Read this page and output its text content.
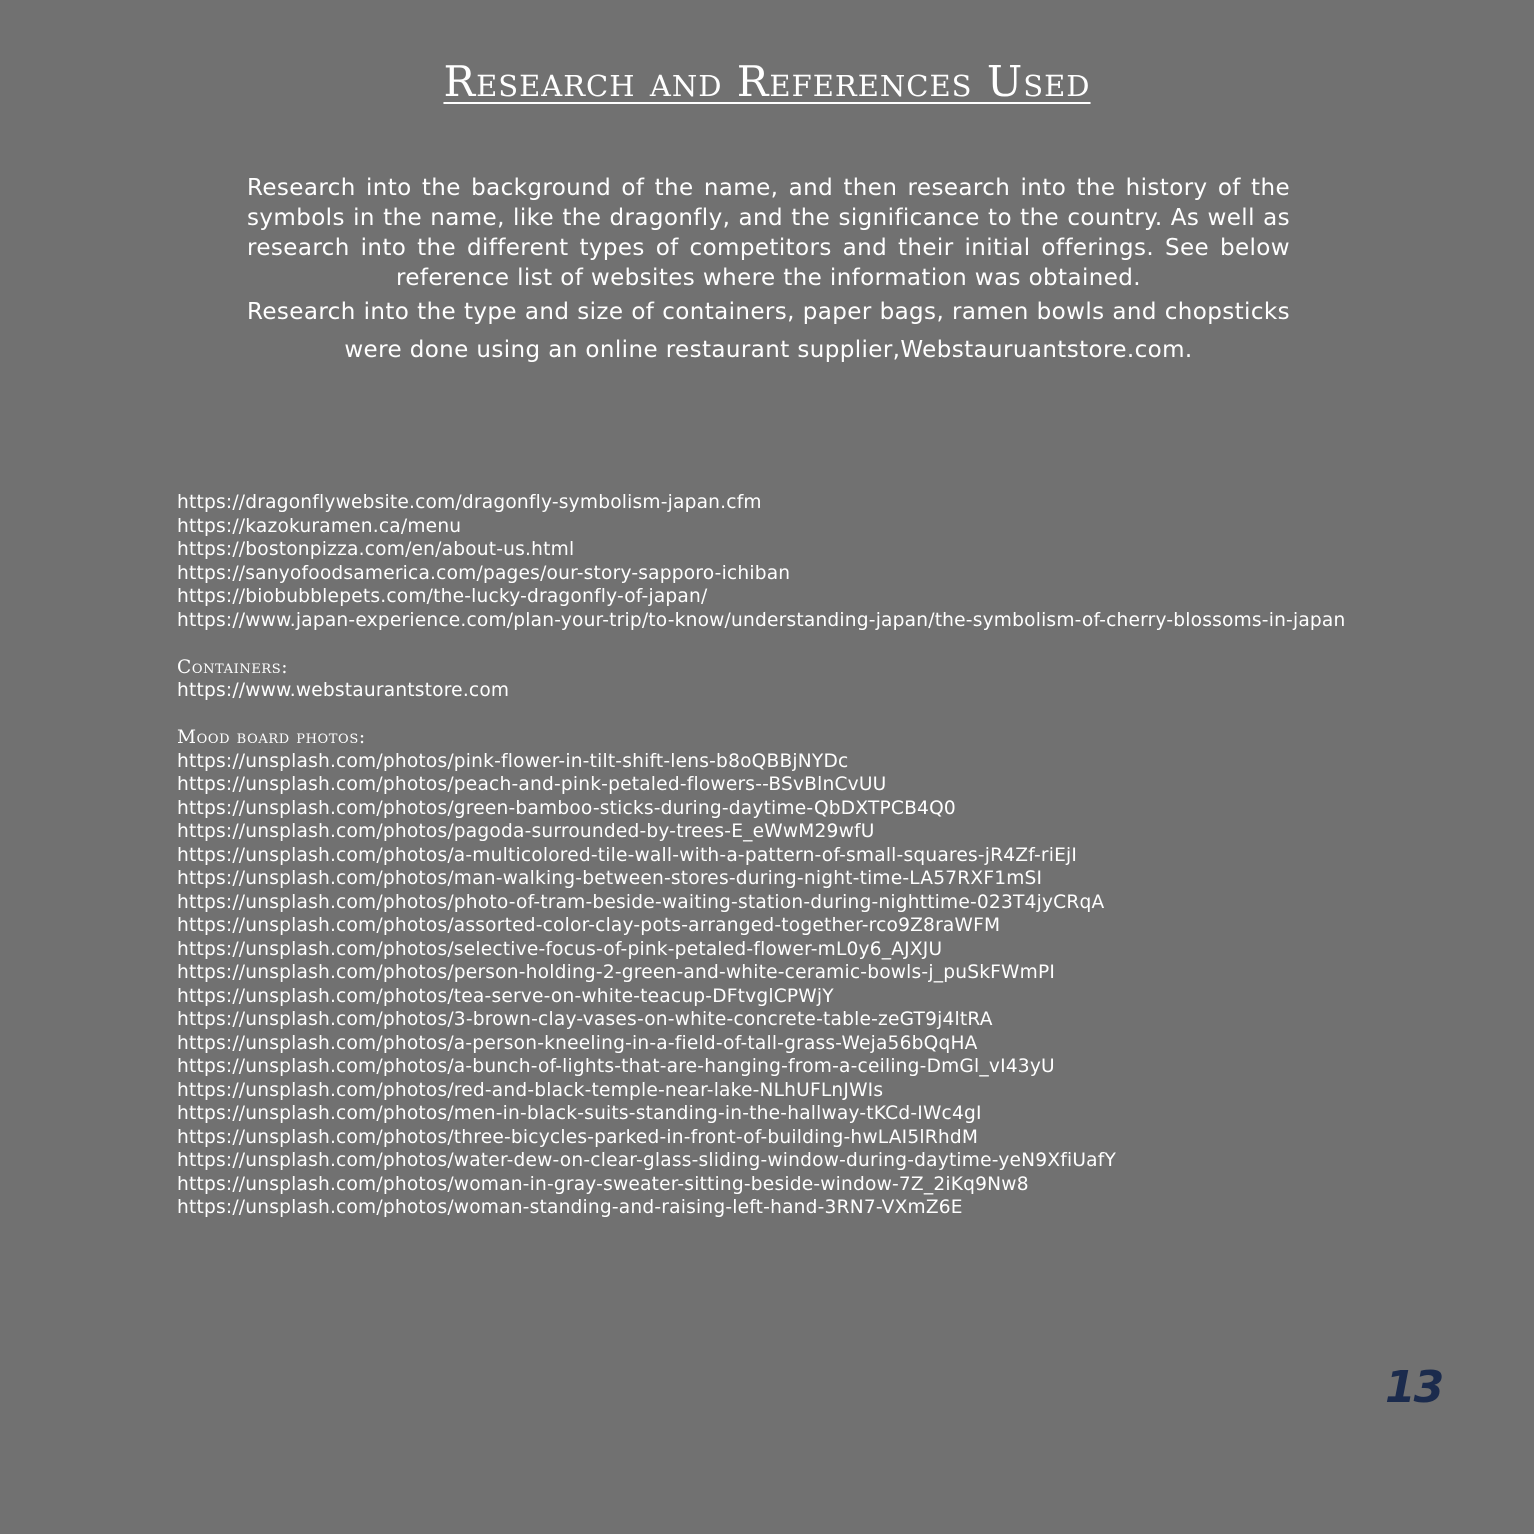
Research and References Used

Research into the background of the name, and then research into the history of the symbols in the name, like the dragonfly, and the significance to the country. As well as research into the different types of competitors and their initial offerings. See below reference list of websites where the information was obtained.

Research into the type and size of containers, paper bags, ramen bowls and chopsticks were done using an online restaurant supplier,Webstauruantstore.com.

https://dragonflywebsite.com/dragonfly-symbolism-japan.cfm
https://kazokuramen.ca/menu
https://bostonpizza.com/en/about-us.html
https://sanyofoodsamerica.com/pages/our-story-sapporo-ichiban
https://biobubblepets.com/the-lucky-dragonfly-of-japan/
https://www.japan-experience.com/plan-your-trip/to-know/understanding-japan/the-symbolism-of-cherry-blossoms-in-japan
Containers:
https://www.webstaurantstore.com
Mood board photos:
https://unsplash.com/photos/pink-flower-in-tilt-shift-lens-b8oQBBjNYDc
https://unsplash.com/photos/peach-and-pink-petaled-flowers--BSvBlnCvUU
https://unsplash.com/photos/green-bamboo-sticks-during-daytime-QbDXTPCB4Q0
https://unsplash.com/photos/pagoda-surrounded-by-trees-E_eWwM29wfU
https://unsplash.com/photos/a-multicolored-tile-wall-with-a-pattern-of-small-squares-jR4Zf-riEjI
https://unsplash.com/photos/man-walking-between-stores-during-night-time-LA57RXF1mSI
https://unsplash.com/photos/photo-of-tram-beside-waiting-station-during-nighttime-023T4jyCRqA
https://unsplash.com/photos/assorted-color-clay-pots-arranged-together-rco9Z8raWFM
https://unsplash.com/photos/selective-focus-of-pink-petaled-flower-mL0y6_AJXJU
https://unsplash.com/photos/person-holding-2-green-and-white-ceramic-bowls-j_puSkFWmPI
https://unsplash.com/photos/tea-serve-on-white-teacup-DFtvglCPWjY
https://unsplash.com/photos/3-brown-clay-vases-on-white-concrete-table-zeGT9j4ltRA
https://unsplash.com/photos/a-person-kneeling-in-a-field-of-tall-grass-Weja56bQqHA
https://unsplash.com/photos/a-bunch-of-lights-that-are-hanging-from-a-ceiling-DmGl_vI43yU
https://unsplash.com/photos/red-and-black-temple-near-lake-NLhUFLnJWIs
https://unsplash.com/photos/men-in-black-suits-standing-in-the-hallway-tKCd-IWc4gI
https://unsplash.com/photos/three-bicycles-parked-in-front-of-building-hwLAI5lRhdM
https://unsplash.com/photos/water-dew-on-clear-glass-sliding-window-during-daytime-yeN9XfiUafY
https://unsplash.com/photos/woman-in-gray-sweater-sitting-beside-window-7Z_2iKq9Nw8
https://unsplash.com/photos/woman-standing-and-raising-left-hand-3RN7-VXmZ6E
13
